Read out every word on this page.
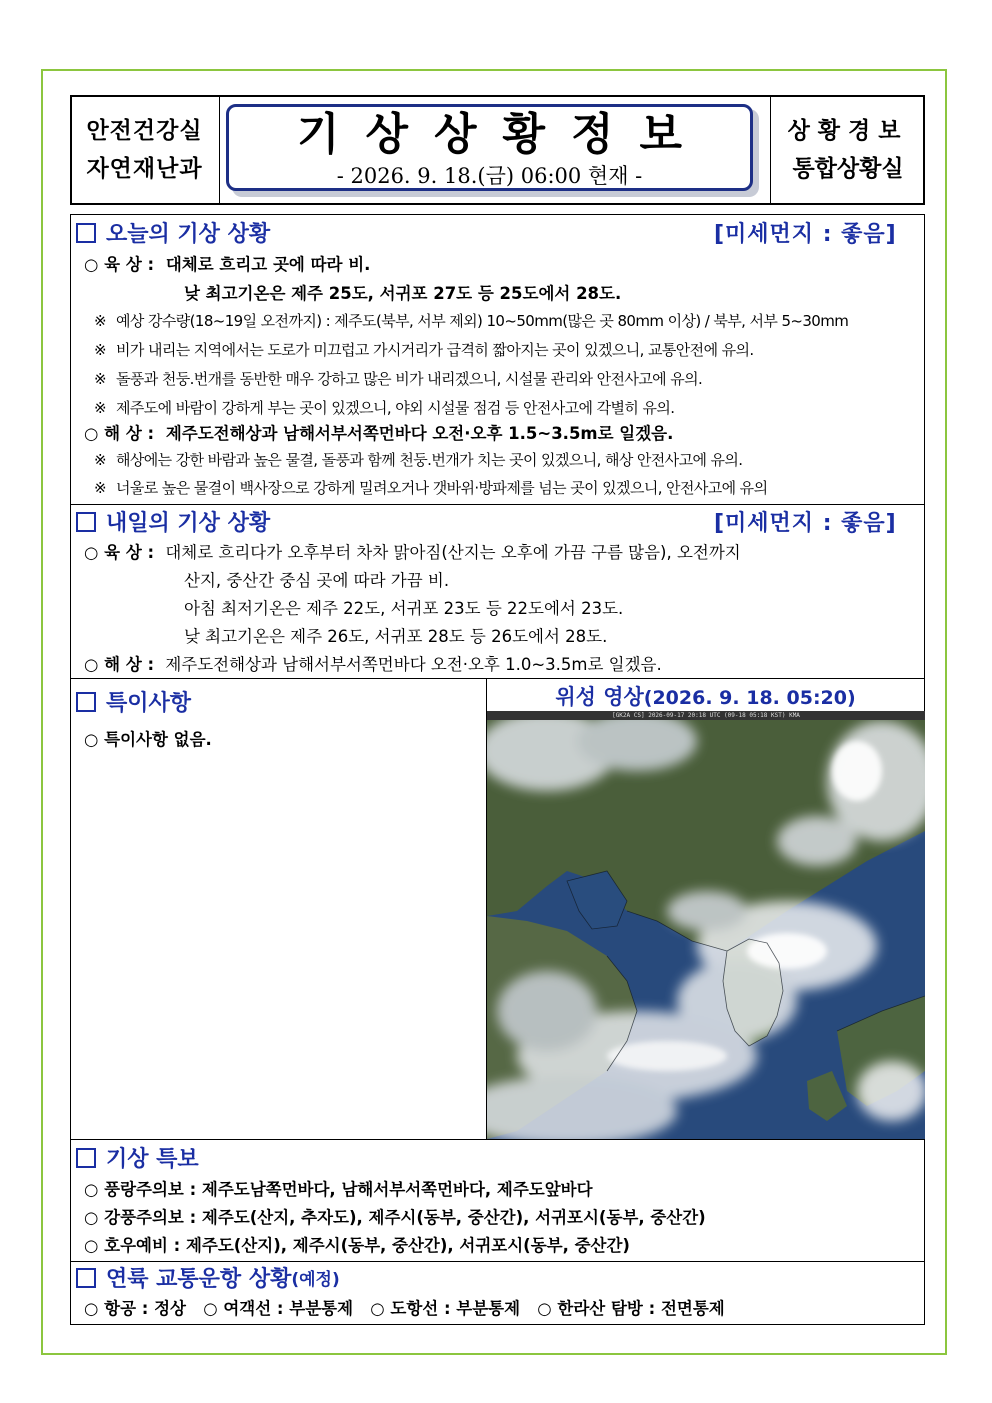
안전건강실
자연재난과
기상상황정보
- 2026. 9. 18.(금) 06:00 현재 -
상황경보
통합상황실
오늘의 기상 상황	[미세먼지 : 좋음]
○ 육 상 : 대체로 흐리고 곳에 따라 비.
낮 최고기온은 제주 25도, 서귀포 27도 등 25도에서 28도.
※ 예상 강수량(18~19일 오전까지) : 제주도(북부, 서부 제외) 10~50mm(많은 곳 80mm 이상) / 북부, 서부 5~30mm
※ 비가 내리는 지역에서는 도로가 미끄럽고 가시거리가 급격히 짧아지는 곳이 있겠으니, 교통안전에 유의.
※ 돌풍과 천둥.번개를 동반한 매우 강하고 많은 비가 내리겠으니, 시설물 관리와 안전사고에 유의.
※ 제주도에 바람이 강하게 부는 곳이 있겠으니, 야외 시설물 점검 등 안전사고에 각별히 유의.
○ 해 상 : 제주도전해상과 남해서부서쪽먼바다 오전·오후 1.5~3.5m로 일겠음.
※ 해상에는 강한 바람과 높은 물결, 돌풍과 함께 천둥.번개가 치는 곳이 있겠으니, 해상 안전사고에 유의.
※ 너울로 높은 물결이 백사장으로 강하게 밀려오거나 갯바위·방파제를 넘는 곳이 있겠으니, 안전사고에 유의
내일의 기상 상황	[미세먼지 : 좋음]
○ 육 상 : 대체로 흐리다가 오후부터 차차 맑아짐(산지는 오후에 가끔 구름 많음), 오전까지
산지, 중산간 중심 곳에 따라 가끔 비.
아침 최저기온은 제주 22도, 서귀포 23도 등 22도에서 23도.
낮 최고기온은 제주 26도, 서귀포 28도 등 26도에서 28도.
○ 해 상 : 제주도전해상과 남해서부서쪽먼바다 오전·오후 1.0~3.5m로 일겠음.
특이사항
○ 특이사항 없음.
위성 영상(2026. 9. 18. 05:20)
[GK2A CS] 2026-09-17 20:18 UTC (09-18 05:18 KST) KMA
기상 특보
○ 풍랑주의보 : 제주도남쪽먼바다, 남해서부서쪽먼바다, 제주도앞바다
○ 강풍주의보 : 제주도(산지, 추자도), 제주시(동부, 중산간), 서귀포시(동부, 중산간)
○ 호우예비 : 제주도(산지), 제주시(동부, 중산간), 서귀포시(동부, 중산간)
연륙 교통운항 상황 (예정)
○ 항공 : 정상   ○ 여객선 : 부분통제   ○ 도항선 : 부분통제   ○ 한라산 탐방 : 전면통제
